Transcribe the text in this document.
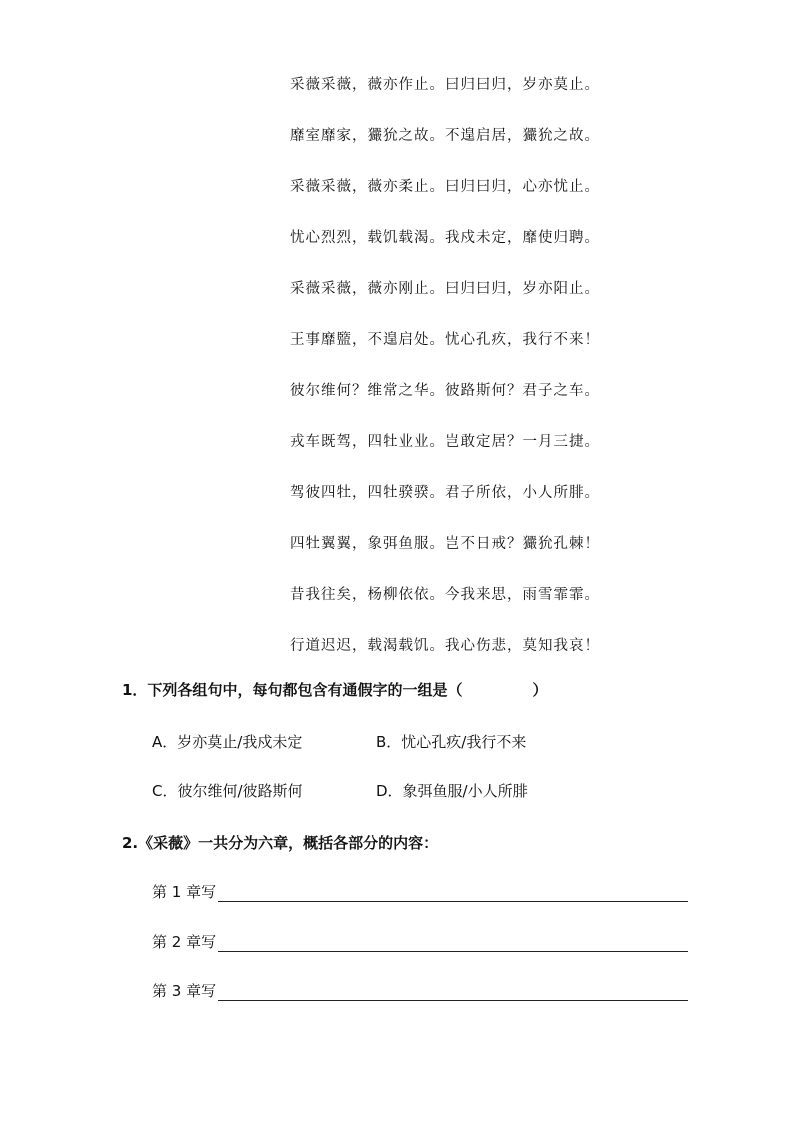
采薇采薇，薇亦作止。曰归曰归，岁亦莫止。
靡室靡家，玁狁之故。不遑启居，玁狁之故。
采薇采薇，薇亦柔止。曰归曰归，心亦忧止。
忧心烈烈，载饥载渴。我戍未定，靡使归聘。
采薇采薇，薇亦刚止。曰归曰归，岁亦阳止。
王事靡盬，不遑启处。忧心孔疚，我行不来！
彼尔维何？维常之华。彼路斯何？君子之车。
戎车既驾，四牡业业。岂敢定居？一月三捷。
驾彼四牡，四牡骙骙。君子所依，小人所腓。
四牡翼翼，象弭鱼服。岂不日戒？玁狁孔棘！
昔我往矣，杨柳依依。今我来思，雨雪霏霏。
行道迟迟，载渴载饥。我心伤悲，莫知我哀！
1．下列各组句中，每句都包含有通假字的一组是（	）
A．岁亦莫止/我戍未定	B．忧心孔疚/我行不来
C．彼尔维何/彼路斯何	D．象弭鱼服/小人所腓
2.《采薇》一共分为六章，概括各部分的内容：
第 1 章写
第 2 章写
第 3 章写
